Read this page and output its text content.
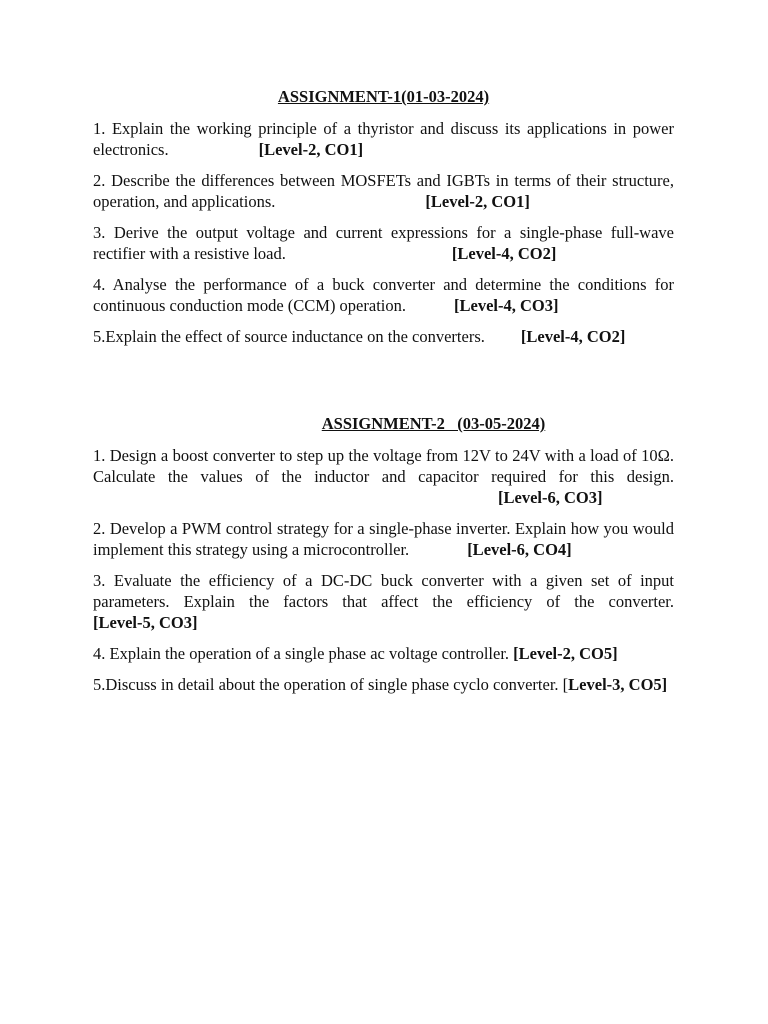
ASSIGNMENT-1(01-03-2024)

1. Explain the working principle of a thyristor and discuss its applications in power electronics.	[Level-2, CO1]

2. Describe the differences between MOSFETs and IGBTs in terms of their structure, operation, and applications.	[Level-2, CO1]

3. Derive the output voltage and current expressions for a single-phase full-wave rectifier with a resistive load.	[Level-4, CO2]

4. Analyse the performance of a buck converter and determine the conditions for continuous conduction mode (CCM) operation.	[Level-4, CO3]

5.Explain the effect of source inductance on the converters. [Level-4, CO2]

ASSIGNMENT-2   (03-05-2024)

1. Design a boost converter to step up the voltage from 12V to 24V with a load of 10Ω. Calculate the values of the inductor and capacitor required for this design.[Level-6, CO3]

2. Develop a PWM control strategy for a single-phase inverter. Explain how you would implement this strategy using a microcontroller.	[Level-6, CO4]

3. Evaluate the efficiency of a DC-DC buck converter with a given set of input parameters. Explain the factors that affect the efficiency of the converter. [Level-5, CO3]

4. Explain the operation of a single phase ac voltage controller. [Level-2, CO5]

5.Discuss in detail about the operation of single phase cyclo converter. [Level-3, CO5]
